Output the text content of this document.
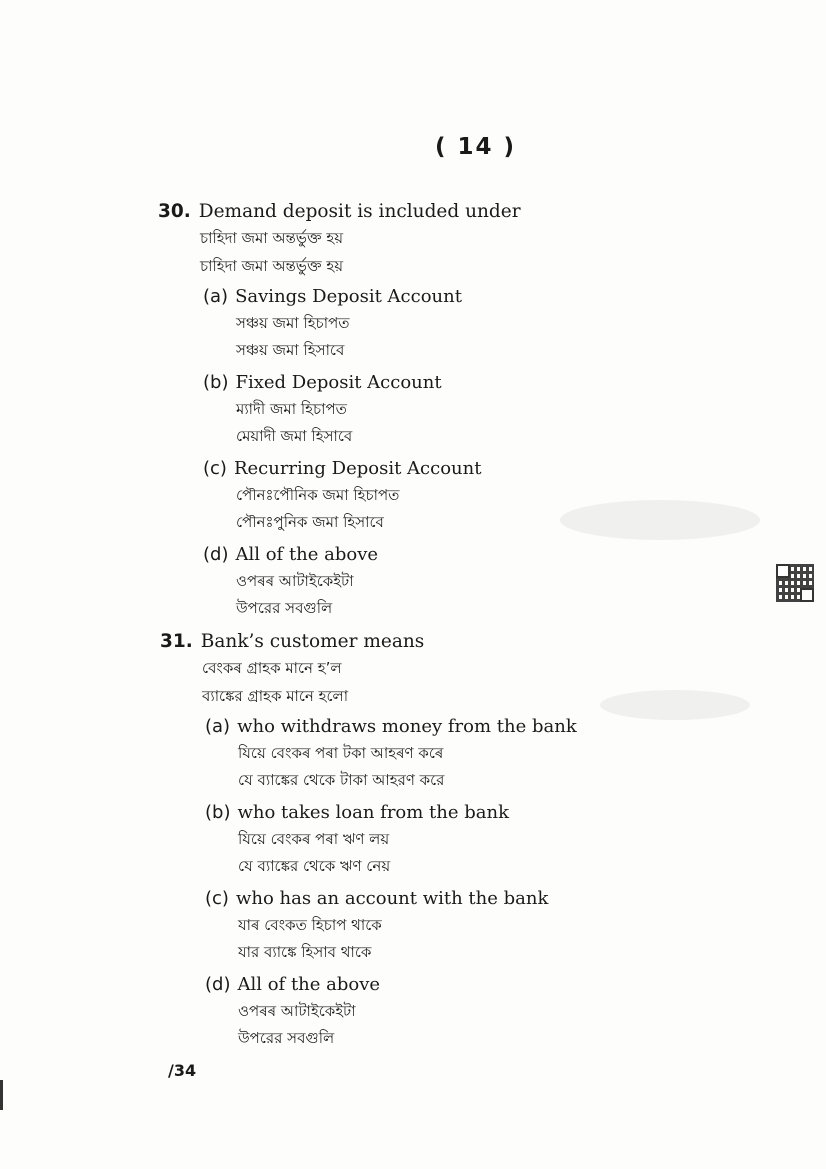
( 14 )
30. Demand deposit is included under
চাহিদা জমা অন্তর্ভুক্ত হয়
চাহিদা জমা অন্তর্ভুক্ত হয়
(a) Savings Deposit Account
সঞ্চয় জমা হিচাপত
সঞ্চয় জমা হিসাবে
(b) Fixed Deposit Account
ম্যাদী জমা হিচাপত
মেয়াদী জমা হিসাবে
(c) Recurring Deposit Account
পৌনঃপৌনিক জমা হিচাপত
পৌনঃপুনিক জমা হিসাবে
(d) All of the above
ওপৰৰ আটাইকেইটা
উপরের সবগুলি
31. Bank’s customer means
বেংকৰ গ্ৰাহক মানে হ’ল
ব্যাঙ্কের গ্রাহক মানে হলো
(a) who withdraws money from the bank
যিয়ে বেংকৰ পৰা টকা আহৰণ কৰে
যে ব্যাঙ্কের থেকে টাকা আহরণ করে
(b) who takes loan from the bank
যিয়ে বেংকৰ পৰা ঋণ লয়
যে ব্যাঙ্কের থেকে ঋণ নেয়
(c) who has an account with the bank
যাৰ বেংকত হিচাপ থাকে
যার ব্যাঙ্কে হিসাব থাকে
(d) All of the above
ওপৰৰ আটাইকেইটা
উপরের সবগুলি
/34
